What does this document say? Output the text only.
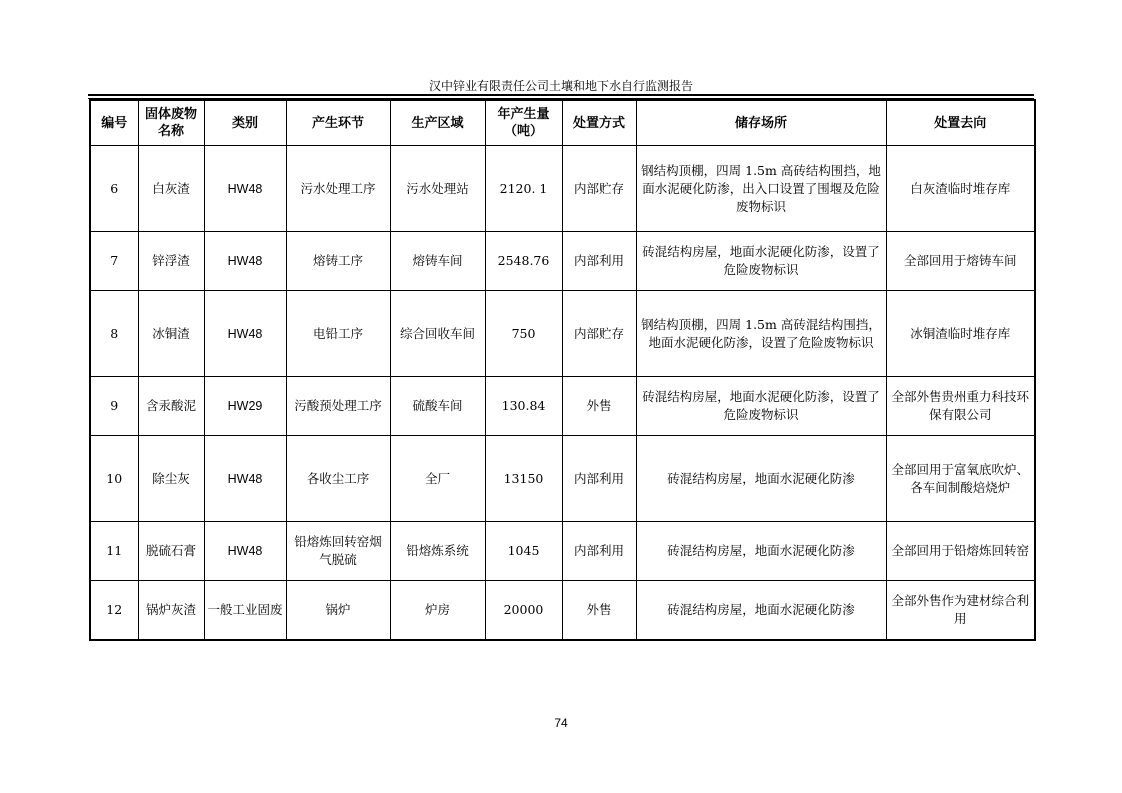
汉中锌业有限责任公司土壤和地下水自行监测报告
编号	固体废物名称	类别	产生环节	生产区域	年产生量（吨）	处置方式	储存场所	处置去向
6	白灰渣	HW48	污水处理工序	污水处理站	2120. 1	内部贮存	钢结构顶棚，四周 1.5m 高砖结构围挡，地面水泥硬化防渗，出入口设置了围堰及危险废物标识	白灰渣临时堆存库
7	锌浮渣	HW48	熔铸工序	熔铸车间	2548.76	内部利用	砖混结构房屋，地面水泥硬化防渗，设置了危险废物标识	全部回用于熔铸车间
8	冰铜渣	HW48	电铅工序	综合回收车间	750	内部贮存	钢结构顶棚，四周 1.5m 高砖混结构围挡，地面水泥硬化防渗，设置了危险废物标识	冰铜渣临时堆存库
9	含汞酸泥	HW29	污酸预处理工序	硫酸车间	130.84	外售	砖混结构房屋，地面水泥硬化防渗，设置了危险废物标识	全部外售贵州重力科技环保有限公司
10	除尘灰	HW48	各收尘工序	全厂	13150	内部利用	砖混结构房屋，地面水泥硬化防渗	全部回用于富氧底吹炉、各车间制酸焙烧炉
11	脱硫石膏	HW48	铅熔炼回转窑烟气脱硫	铅熔炼系统	1045	内部利用	砖混结构房屋，地面水泥硬化防渗	全部回用于铅熔炼回转窑
12	锅炉灰渣	一般工业固废	锅炉	炉房	20000	外售	砖混结构房屋，地面水泥硬化防渗	全部外售作为建材综合利用
74
